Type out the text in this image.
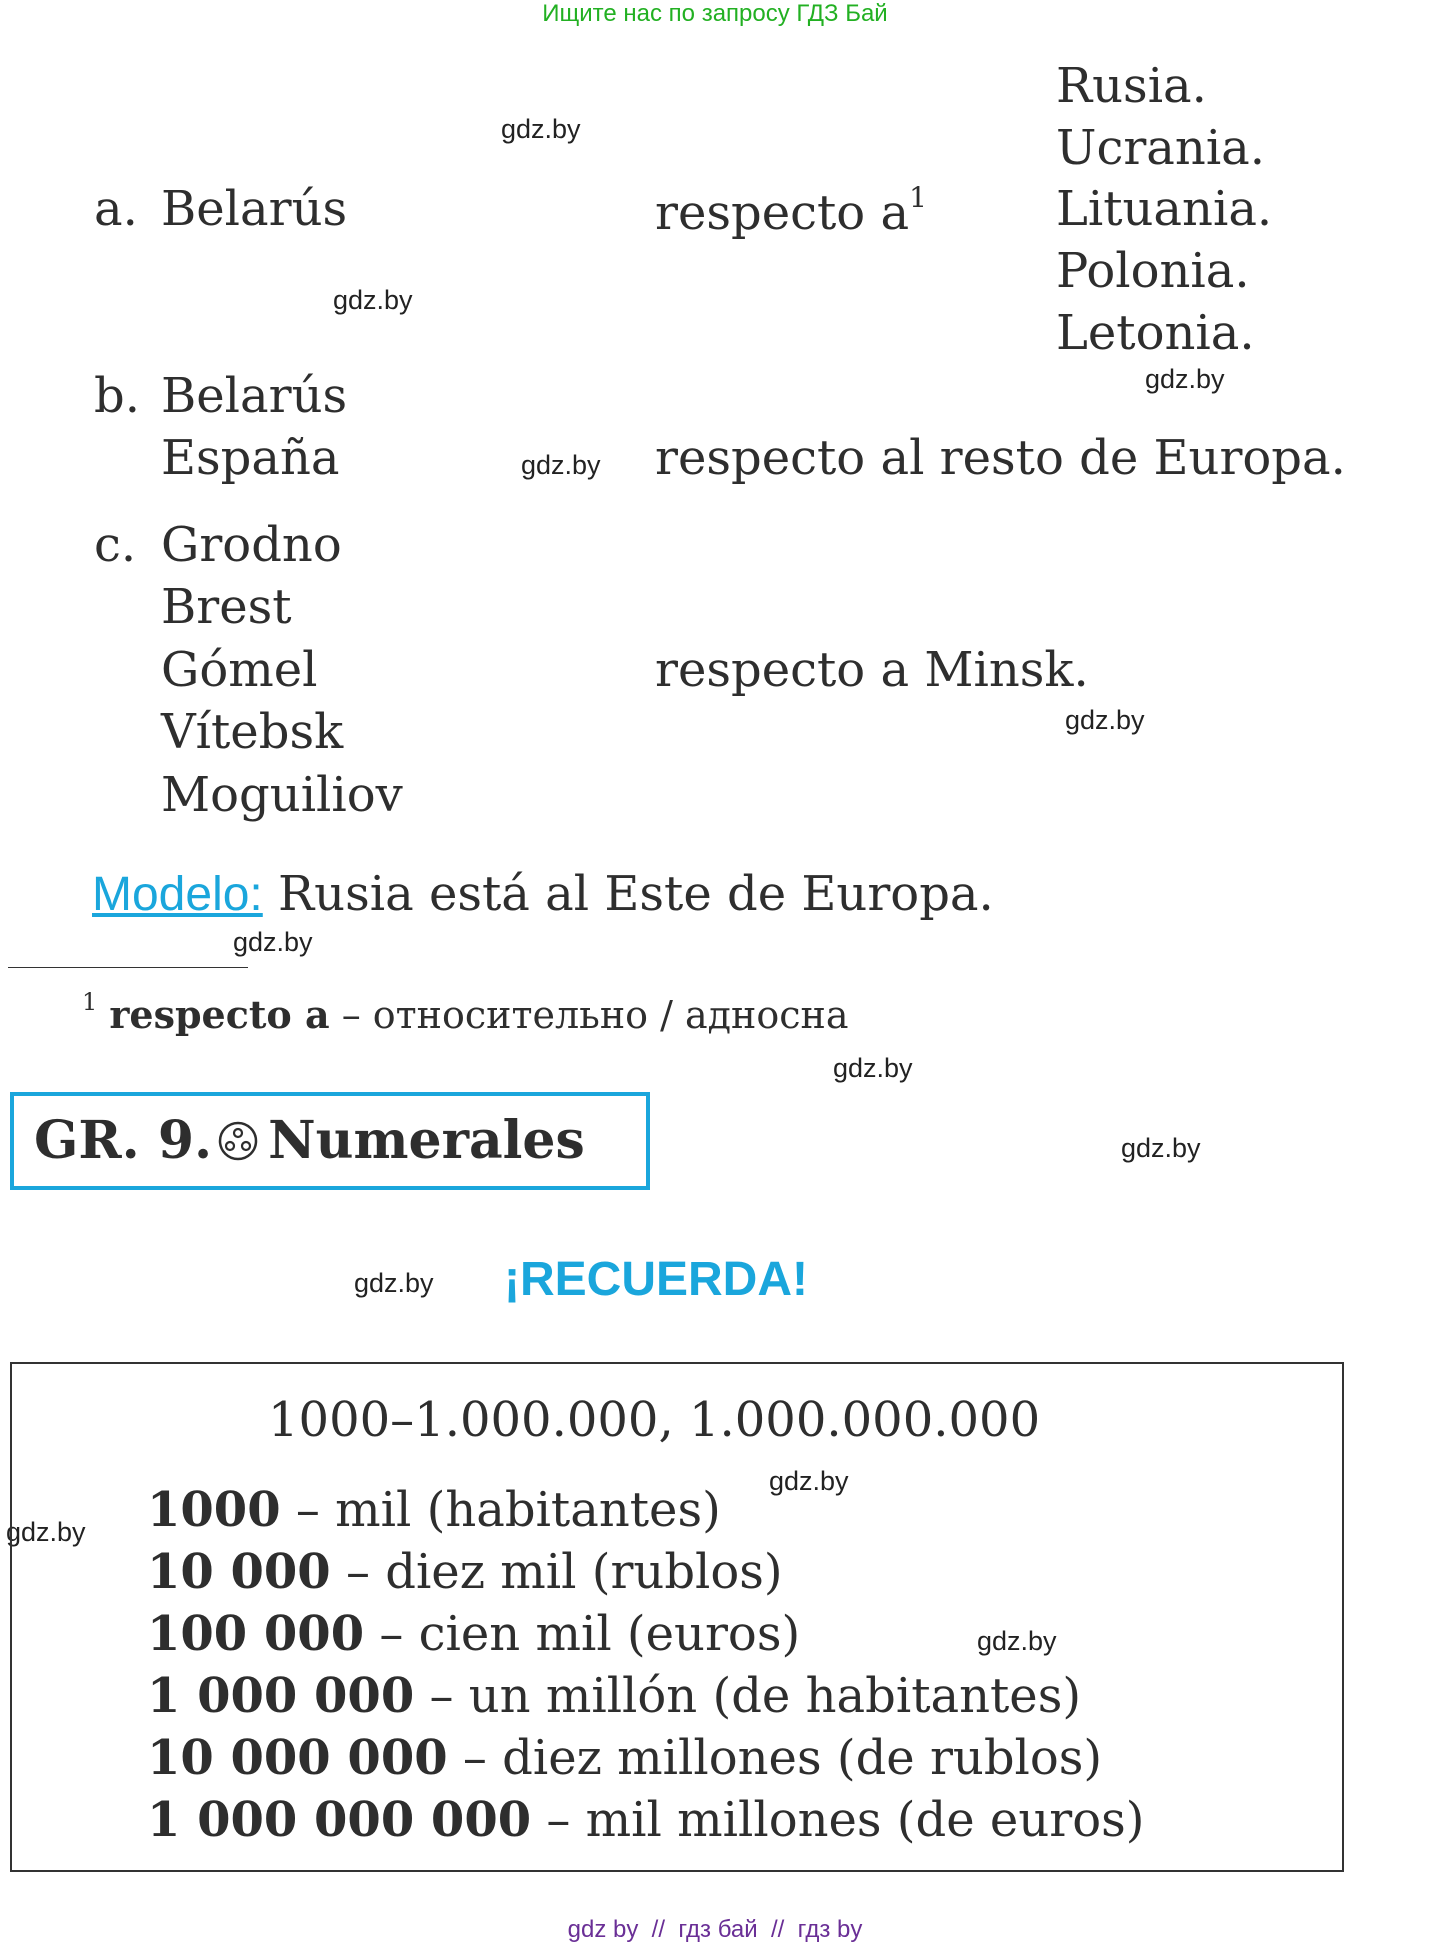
Ищите нас по запросу ГДЗ Бай
gdz.by
gdz.by
gdz.by
gdz.by
gdz.by
gdz.by
gdz.by
gdz.by
gdz.by
gdz.by
gdz.by
gdz.by
a. Belarús	respecto $a^1$
Rusia.
Ucrania.
Lituania.
Polonia.
Letonia.
b. Belarús
España	respecto al resto de Europa.
c. Grodno
Brest
Gómel
Vítebsk
Moguiliov
respecto a Minsk.
Modelo: Rusia está al Este de Europa.
$^1$ respecto a – относительно / адносна
GR. 9. Numerales
¡RECUERDA!
1000–1.000.000, 1.000.000.000
1000 – mil (habitantes)
10 000 – diez mil (rublos)
100 000 – cien mil (euros)
1 000 000 – un millón (de habitantes)
10 000 000 – diez millones (de rublos)
1 000 000 000 – mil millones (de euros)
gdz by  //  гдз бай  //  гдз by
